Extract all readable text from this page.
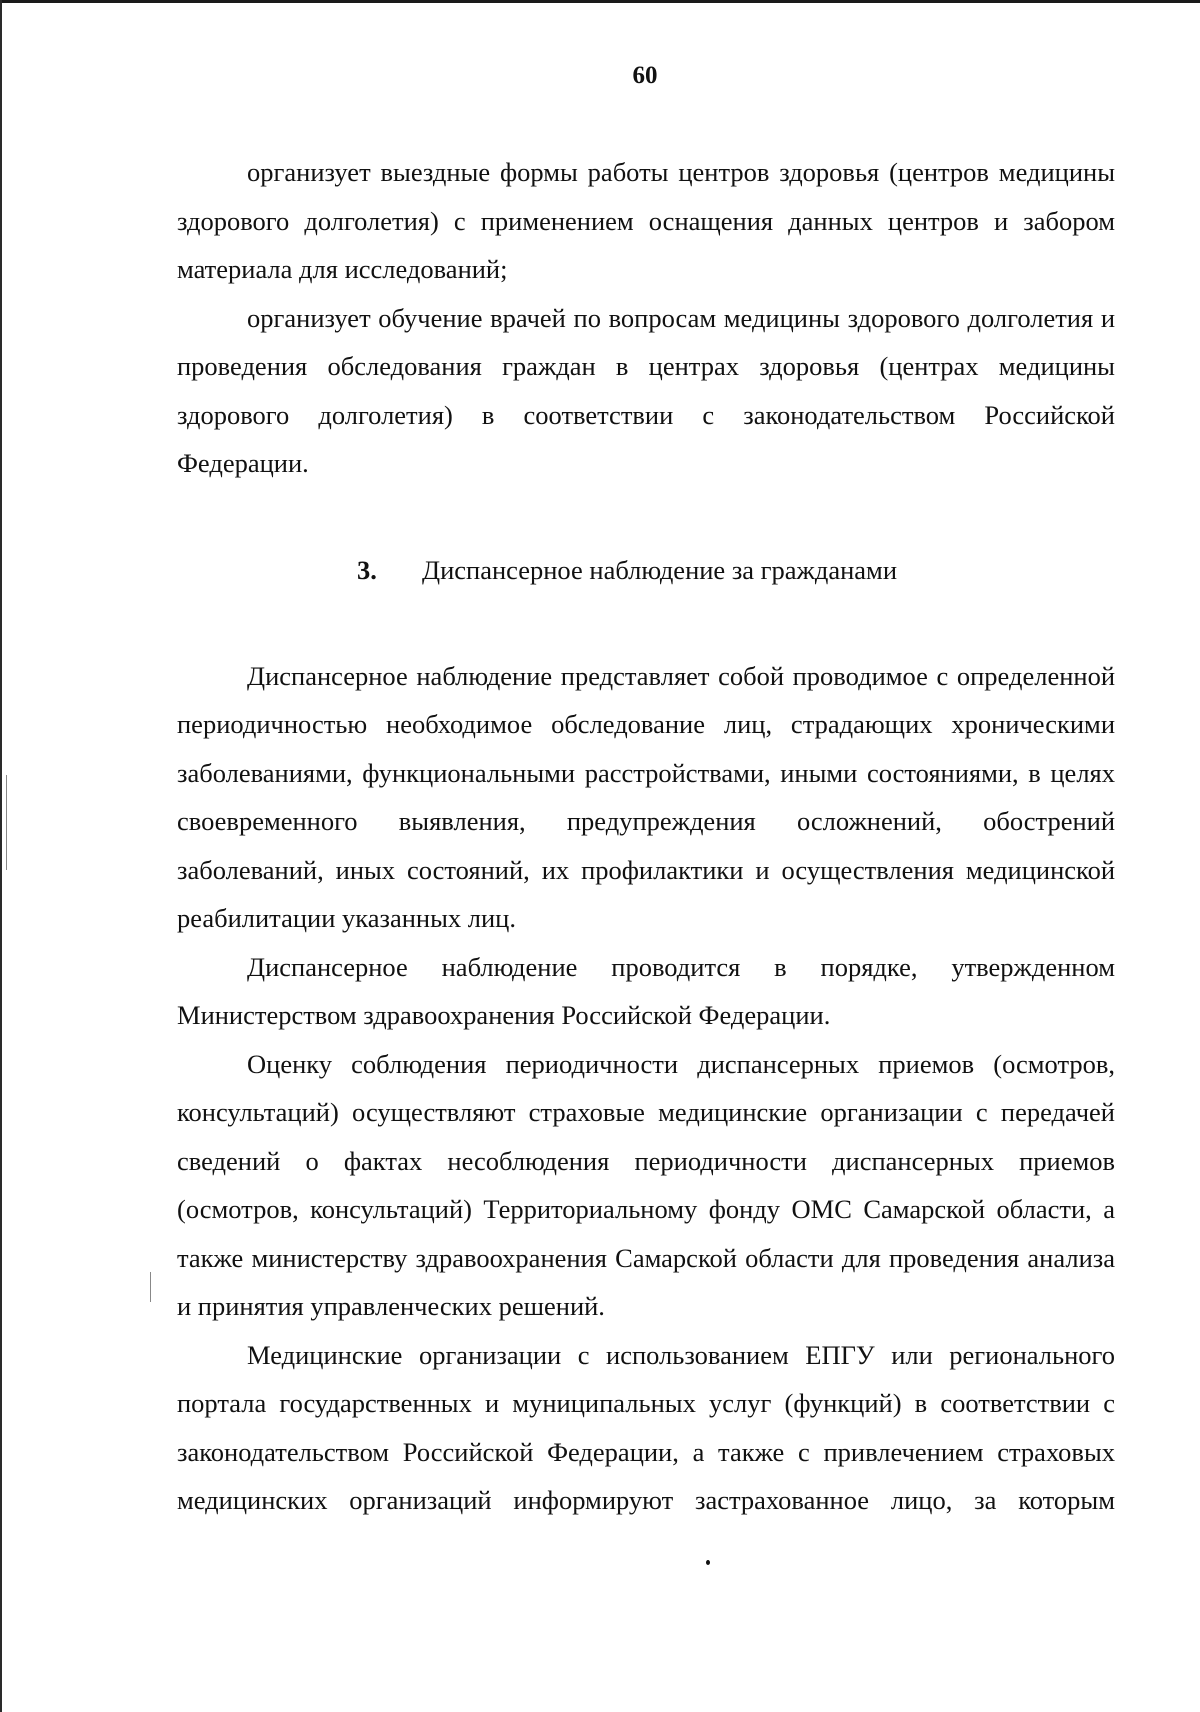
60

организует выездные формы работы центров здоровья (центров медицины здорового долголетия) с применением оснащения данных центров и забором материала для исследований;

организует обучение врачей по вопросам медицины здорового долголетия и проведения обследования граждан в центрах здоровья (центрах медицины здорового долголетия) в соответствии с законодательством Российской Федерации.

3. Диспансерное наблюдение за гражданами

Диспансерное наблюдение представляет собой проводимое с определенной периодичностью необходимое обследование лиц, страдающих хроническими заболеваниями, функциональными расстройствами, иными состояниями, в целях своевременного выявления, предупреждения осложнений, обострений заболеваний, иных состояний, их профилактики и осуществления медицинской реабилитации указанных лиц.

Диспансерное наблюдение проводится в порядке, утвержденном Министерством здравоохранения Российской Федерации.

Оценку соблюдения периодичности диспансерных приемов (осмотров, консультаций) осуществляют страховые медицинские организации с передачей сведений о фактах несоблюдения периодичности диспансерных приемов (осмотров, консультаций) Территориальному фонду ОМС Самарской области, а также министерству здравоохранения Самарской области для проведения анализа и принятия управленческих решений.

Медицинские организации с использованием ЕПГУ или регионального портала государственных и муниципальных услуг (функций) в соответствии с законодательством Российской Федерации, а также с привлечением страховых медицинских организаций информируют застрахованное лицо, за которым
